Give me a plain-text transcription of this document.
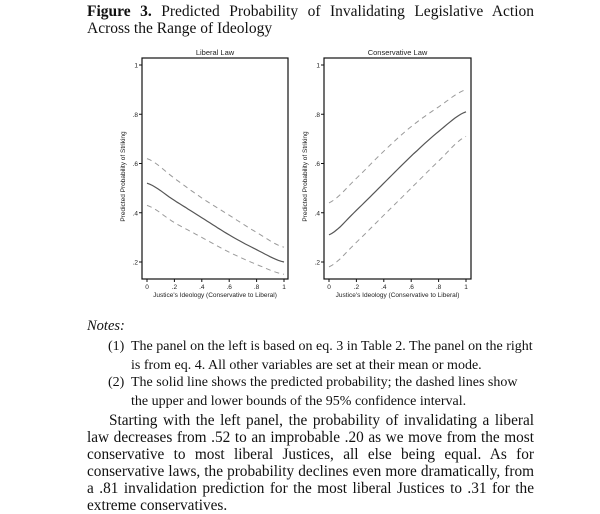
Figure 3. Predicted Probability of Invalidating Legislative Action Across the Range of Ideology
Liberal Law
.2
.4
.6
.8
1
0	.2	.4	.6	.8	1
Justice's Ideology (Conservative to Liberal)
Predicted Probability of Striking
Conservative Law
.2
.4
.6
.8
1
0	.2	.4	.6	.8	1
Justice's Ideology (Conservative to Liberal)
Predicted Probability of Striking
Notes:
(1) The panel on the left is based on eq. 3 in Table 2. The panel on the right is from eq. 4. All other variables are set at their mean or mode.
(2) The solid line shows the predicted probability; the dashed lines show the upper and lower bounds of the 95% confidence interval.
Starting with the left panel, the probability of invalidating a liberal law decreases from .52 to an improbable .20 as we move from the most conservative to most liberal Justices, all else being equal. As for conservative laws, the probability declines even more dramatically, from a .81 invalidation prediction for the most liberal Justices to .31 for the extreme conservatives.
